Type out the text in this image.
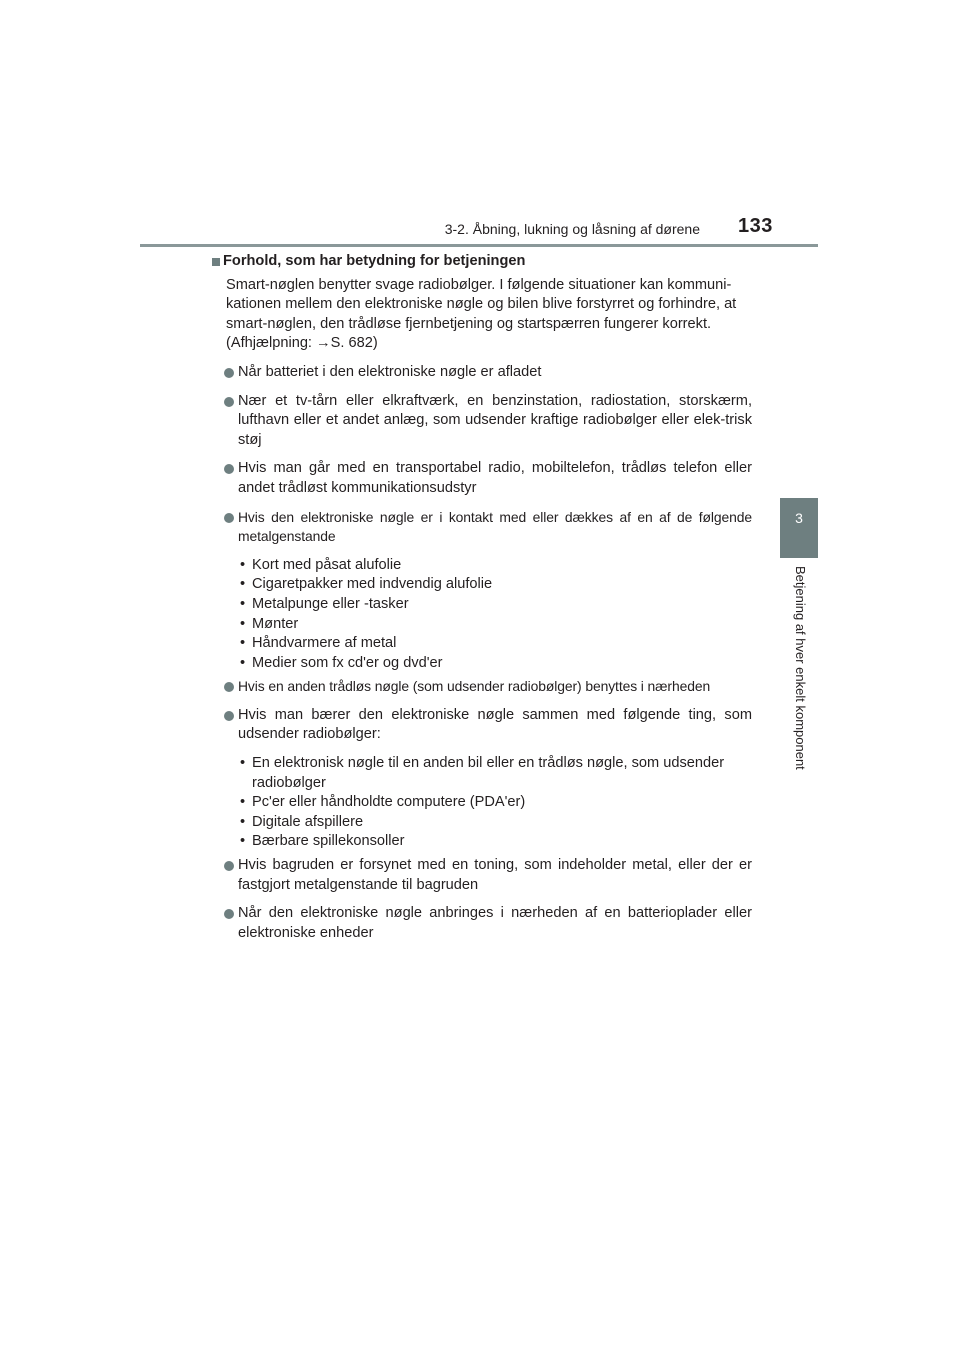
3-2. Åbning, lukning og låsning af dørene 133
3
Betjening af hver enkelt komponent

Forhold, som har betydning for betjeningen

Smart-nøglen benytter svage radiobølger. I følgende situationer kan kommuni-
kationen mellem den elektroniske nøgle og bilen blive forstyrret og forhindre, at
smart-nøglen, den trådløse fjernbetjening og startspærren fungerer korrekt.
(Afhjælpning: →S. 682)
Når batteriet i den elektroniske nøgle er afladet
Nær et tv-tårn eller elkraftværk, en benzinstation, radiostation, storskærm, lufthavn eller et andet anlæg, som udsender kraftige radiobølger eller elek-trisk støj
Hvis man går med en transportabel radio, mobiltelefon, trådløs telefon eller andet trådløst kommunikationsudstyr
Hvis den elektroniske nøgle er i kontakt med eller dækkes af en af de følgende metalgenstande
• Kort med påsat alufolie
• Cigaretpakker med indvendig alufolie
• Metalpunge eller -tasker
• Mønter
• Håndvarmere af metal
• Medier som fx cd'er og dvd'er
Hvis en anden trådløs nøgle (som udsender radiobølger) benyttes i nærheden
Hvis man bærer den elektroniske nøgle sammen med følgende ting, som udsender radiobølger:
• En elektronisk nøgle til en anden bil eller en trådløs nøgle, som udsender radiobølger
• Pc'er eller håndholdte computere (PDA'er)
• Digitale afspillere
• Bærbare spillekonsoller
Hvis bagruden er forsynet med en toning, som indeholder metal, eller der er fastgjort metalgenstande til bagruden
Når den elektroniske nøgle anbringes i nærheden af en batterioplader eller elektroniske enheder
